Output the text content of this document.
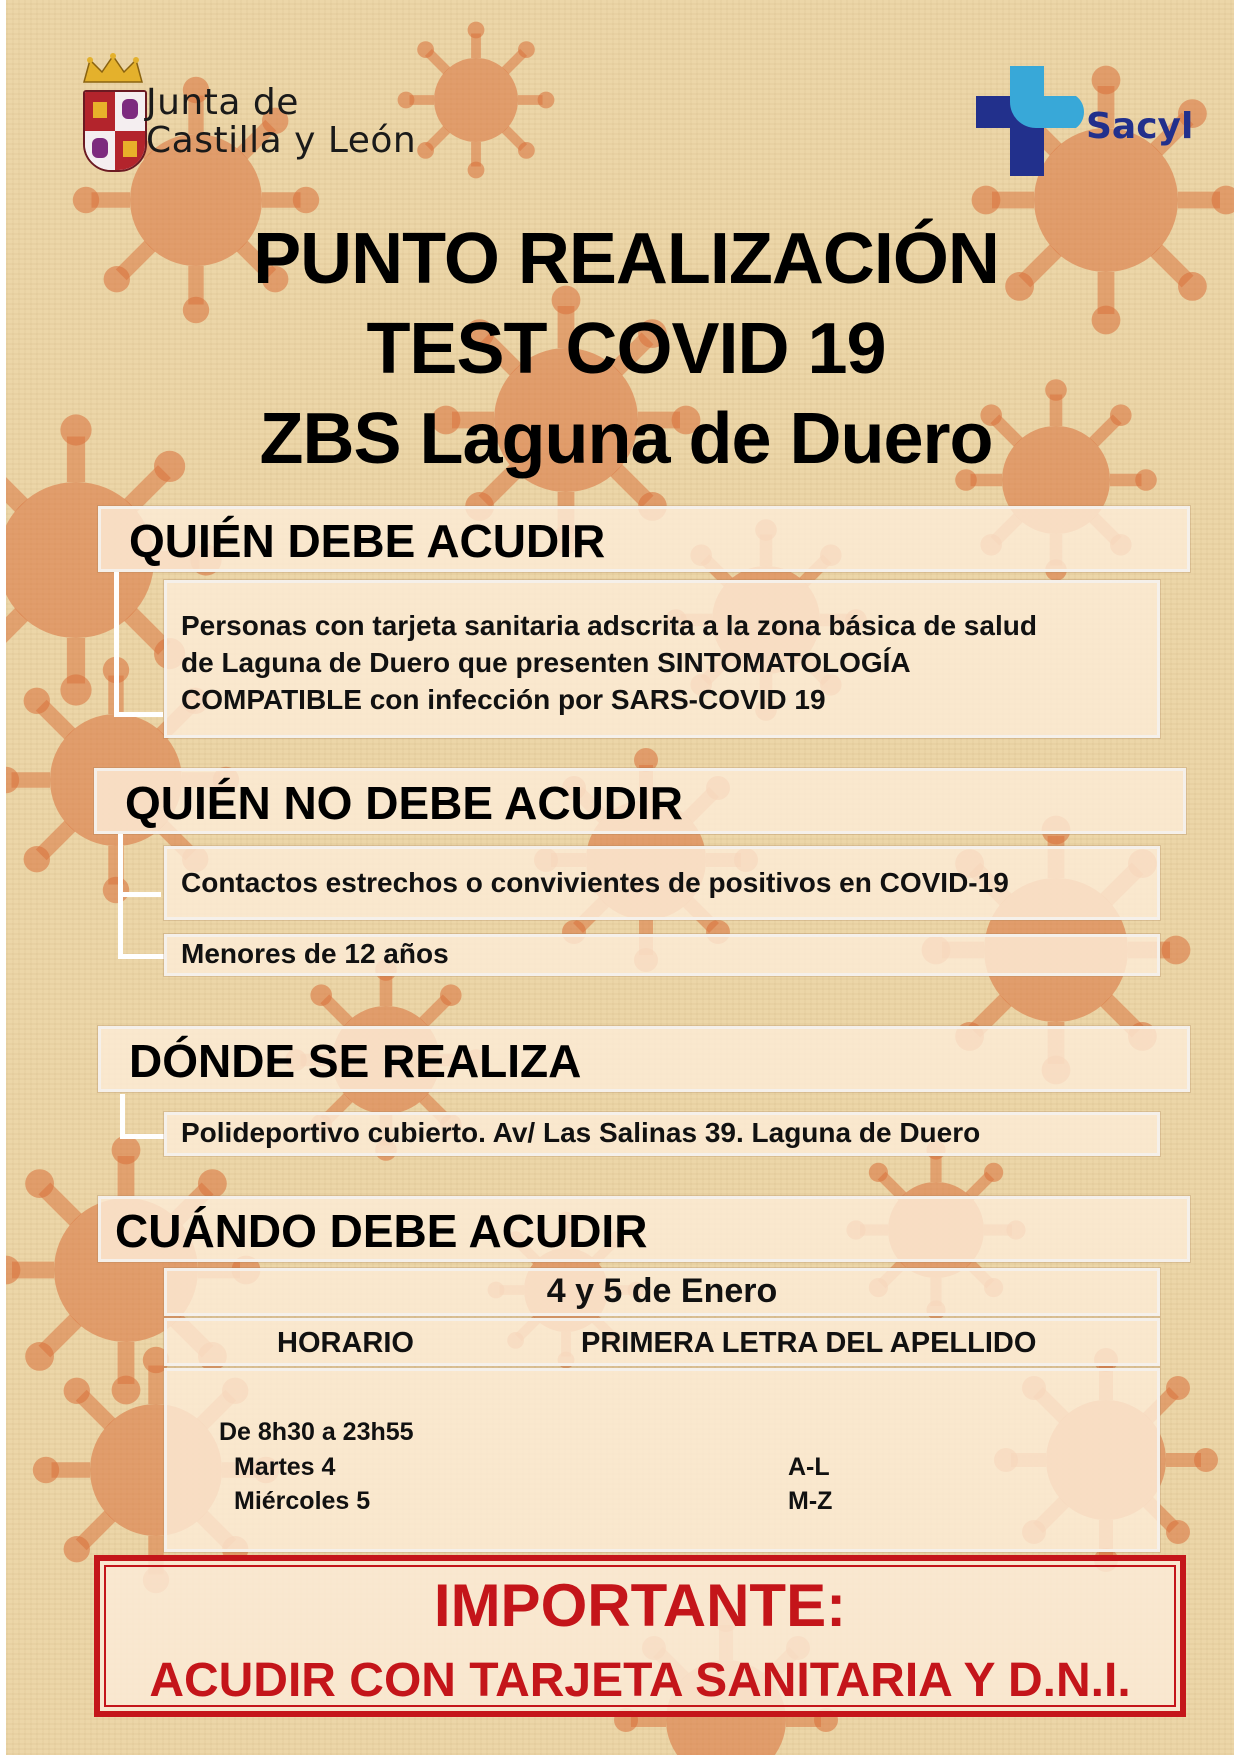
Junta de
Castilla y León	Sacyl
PUNTO REALIZACIÓN
TEST COVID 19
ZBS Laguna de Duero
QUIÉN DEBE ACUDIR
Personas con tarjeta sanitaria adscrita a la zona básica de salud
de Laguna de Duero que presenten SINTOMATOLOGÍA
COMPATIBLE con infección por SARS-COVID 19
QUIÉN NO DEBE ACUDIR
Contactos estrechos o convivientes de positivos en COVID-19
Menores de 12 años
DÓNDE SE REALIZA
Polideportivo cubierto. Av/ Las Salinas 39. Laguna de Duero
CUÁNDO DEBE ACUDIR
4 y 5 de Enero
HORARIO	PRIMERA LETRA DEL APELLIDO
De 8h30 a 23h55
Martes 4	A-L
Miércoles 5	M-Z
IMPORTANTE:
ACUDIR CON TARJETA SANITARIA Y D.N.I.
